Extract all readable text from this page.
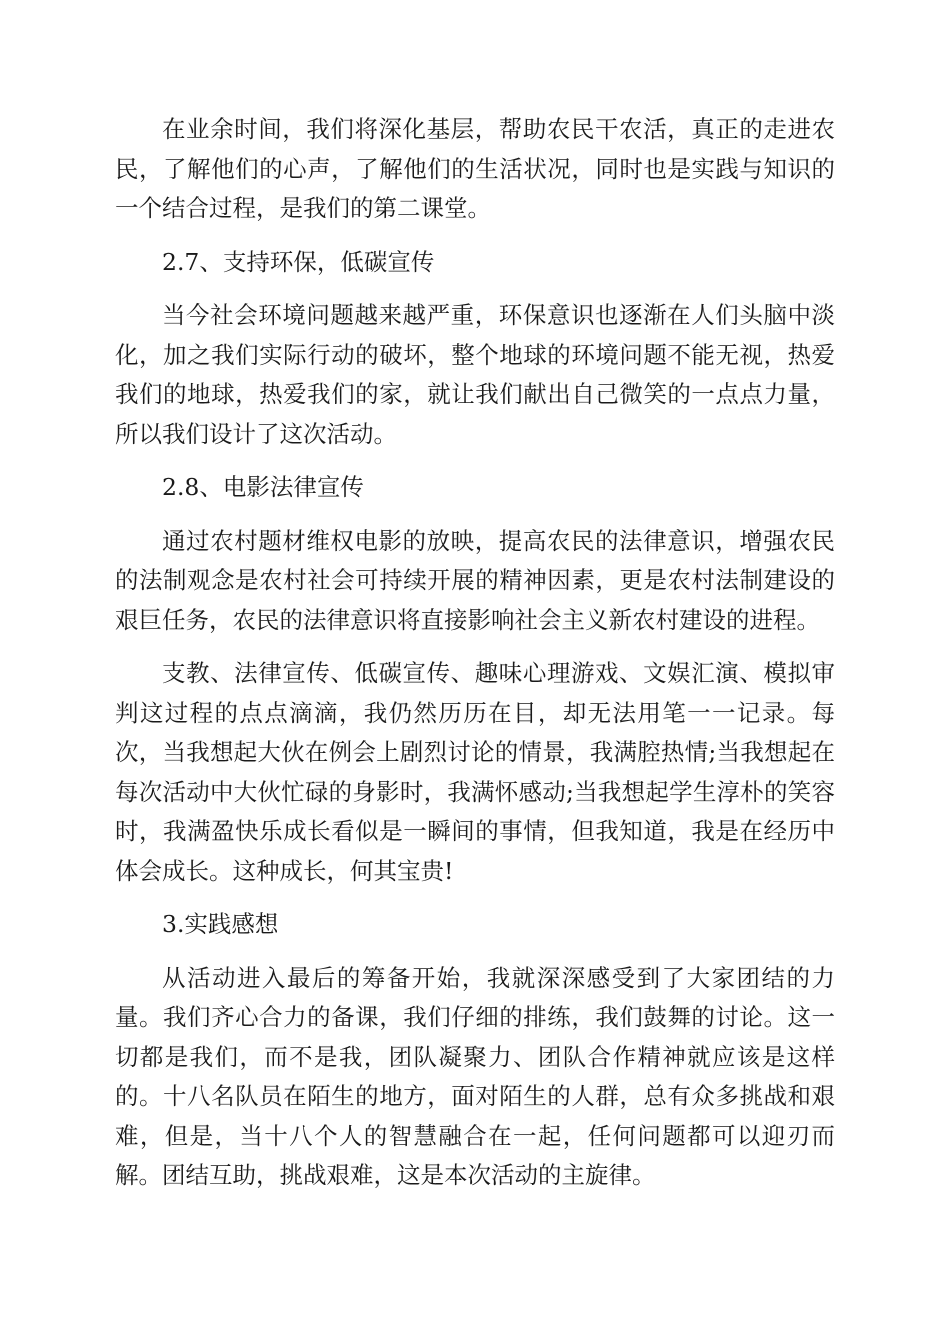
在业余时间，我们将深化基层，帮助农民干农活，真正的走进农民，了解他们的心声，了解他们的生活状况，同时也是实践与知识的一个结合过程，是我们的第二课堂。

2.7、支持环保，低碳宣传

当今社会环境问题越来越严重，环保意识也逐渐在人们头脑中淡化，加之我们实际行动的破坏，整个地球的环境问题不能无视，热爱我们的地球，热爱我们的家，就让我们献出自己微笑的一点点力量，所以我们设计了这次活动。

2.8、电影法律宣传

通过农村题材维权电影的放映，提高农民的法律意识，增强农民的法制观念是农村社会可持续开展的精神因素，更是农村法制建设的艰巨任务，农民的法律意识将直接影响社会主义新农村建设的进程。

支教、法律宣传、低碳宣传、趣味心理游戏、文娱汇演、模拟审判这过程的点点滴滴，我仍然历历在目，却无法用笔一一记录。每次，当我想起大伙在例会上剧烈讨论的情景，我满腔热情;当我想起在每次活动中大伙忙碌的身影时，我满怀感动;当我想起学生淳朴的笑容时，我满盈快乐成长看似是一瞬间的事情，但我知道，我是在经历中体会成长。这种成长，何其宝贵!

3.实践感想

从活动进入最后的筹备开始，我就深深感受到了大家团结的力量。我们齐心合力的备课，我们仔细的排练，我们鼓舞的讨论。这一切都是我们，而不是我，团队凝聚力、团队合作精神就应该是这样的。十八名队员在陌生的地方，面对陌生的人群，总有众多挑战和艰难，但是，当十八个人的智慧融合在一起，任何问题都可以迎刃而解。团结互助，挑战艰难，这是本次活动的主旋律。
